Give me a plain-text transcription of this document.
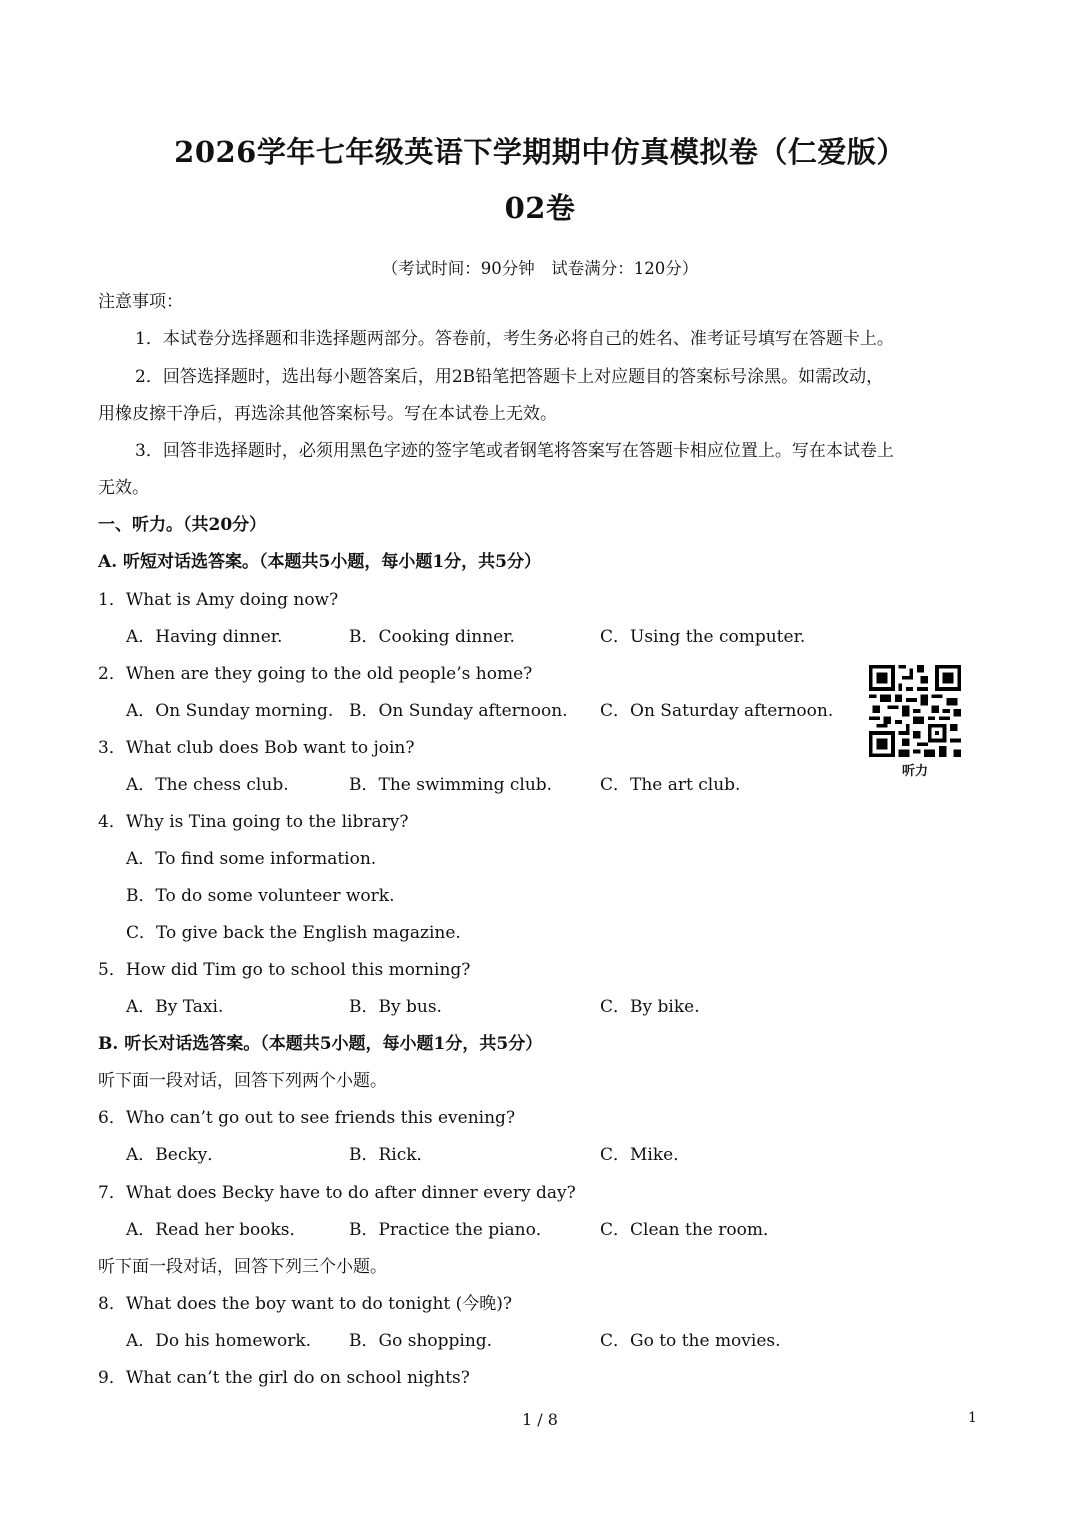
2026学年七年级英语下学期期中仿真模拟卷（仁爱版）
02卷
（考试时间：90分钟　试卷满分：120分）
注意事项：
1．本试卷分选择题和非选择题两部分。答卷前，考生务必将自己的姓名、准考证号填写在答题卡上。
2．回答选择题时，选出每小题答案后，用2B铅笔把答题卡上对应题目的答案标号涂黑。如需改动，
用橡皮擦干净后，再选涂其他答案标号。写在本试卷上无效。
3．回答非选择题时，必须用黑色字迹的签字笔或者钢笔将答案写在答题卡相应位置上。写在本试卷上
无效。
一、听力。（共20分）
A. 听短对话选答案。（本题共5小题，每小题1分，共5分）
1．What is Amy doing now?
A．Having dinner.	B．Cooking dinner.	C．Using the computer.
2．When are they going to the old people’s home?
A．On Sunday morning. B．On Sunday afternoon. C．On Saturday afternoon.
3．What club does Bob want to join?
A．The chess club.	B．The swimming club.	C．The art club.
4．Why is Tina going to the library?
A．To find some information.
B．To do some volunteer work.
C．To give back the English magazine.
5．How did Tim go to school this morning?
A．By Taxi.	B．By bus.	C．By bike.
B. 听长对话选答案。（本题共5小题，每小题1分，共5分）
听下面一段对话，回答下列两个小题。
6．Who can’t go out to see friends this evening?
A．Becky．	B．Rick．	C．Mike．
7．What does Becky have to do after dinner every day?
A．Read her books．	B．Practice the piano．	C．Clean the room．
听下面一段对话，回答下列三个小题。
8．What does the boy want to do tonight (今晚)?
A．Do his homework. B．Go shopping.	C．Go to the movies.
9．What can’t the girl do on school nights?
听力
1 / 8	1
